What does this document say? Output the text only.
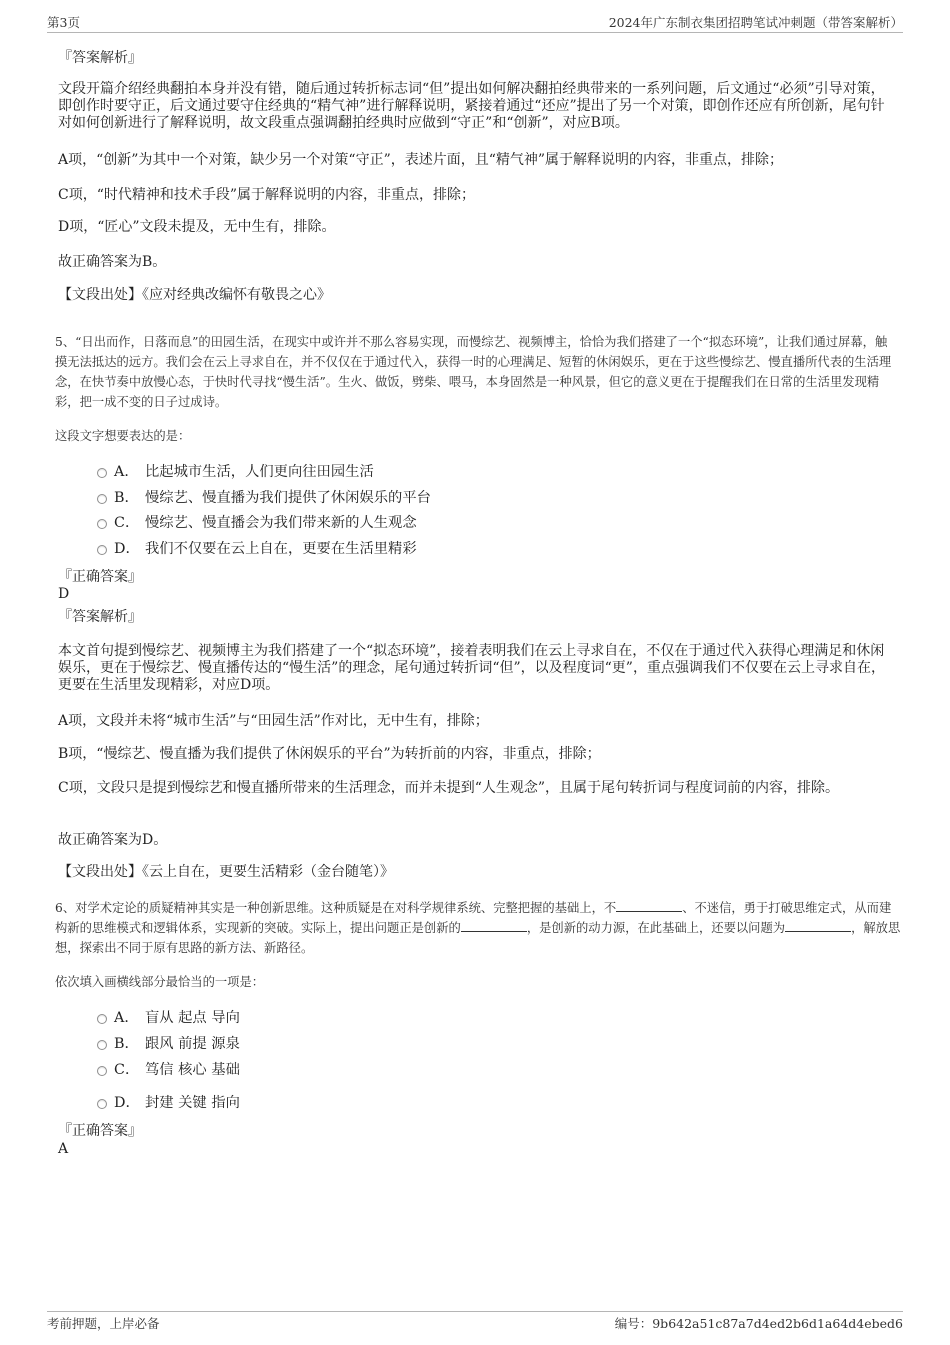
第3页	2024年广东制衣集团招聘笔试冲刺题（带答案解析）
『答案解析』
文段开篇介绍经典翻拍本身并没有错，随后通过转折标志词“但”提出如何解决翻拍经典带来的一系列问题，后文通过“必须”引导对策，即创作时要守正，后文通过要守住经典的“精气神”进行解释说明，紧接着通过“还应”提出了另一个对策，即创作还应有所创新，尾句针对如何创新进行了解释说明，故文段重点强调翻拍经典时应做到“守正”和“创新”，对应B项。
A项，“创新”为其中一个对策，缺少另一个对策“守正”，表述片面，且“精气神”属于解释说明的内容，非重点，排除；
C项，“时代精神和技术手段”属于解释说明的内容，非重点，排除；
D项，“匠心”文段未提及，无中生有，排除。
故正确答案为B。
【文段出处】《应对经典改编怀有敬畏之心》
5、“日出而作，日落而息”的田园生活，在现实中或许并不那么容易实现，而慢综艺、视频博主，恰恰为我们搭建了一个“拟态环境”，让我们通过屏幕，触摸无法抵达的远方。我们会在云上寻求自在，并不仅仅在于通过代入，获得一时的心理满足、短暂的休闲娱乐，更在于这些慢综艺、慢直播所代表的生活理念，在快节奏中放慢心态，于快时代寻找“慢生活”。生火、做饭，劈柴、喂马，本身固然是一种风景，但它的意义更在于提醒我们在日常的生活里发现精彩，把一成不变的日子过成诗。
这段文字想要表达的是：
A． 比起城市生活，人们更向往田园生活
B． 慢综艺、慢直播为我们提供了休闲娱乐的平台
C． 慢综艺、慢直播会为我们带来新的人生观念
D． 我们不仅要在云上自在，更要在生活里精彩
『正确答案』
D
『答案解析』
本文首句提到慢综艺、视频博主为我们搭建了一个“拟态环境”，接着表明我们在云上寻求自在，不仅在于通过代入获得心理满足和休闲娱乐，更在于慢综艺、慢直播传达的“慢生活”的理念，尾句通过转折词“但”，以及程度词“更”，重点强调我们不仅要在云上寻求自在，更要在生活里发现精彩，对应D项。
A项，文段并未将“城市生活”与“田园生活”作对比，无中生有，排除；
B项，“慢综艺、慢直播为我们提供了休闲娱乐的平台”为转折前的内容，非重点，排除；
C项，文段只是提到慢综艺和慢直播所带来的生活理念，而并未提到“人生观念”，且属于尾句转折词与程度词前的内容，排除。
故正确答案为D。
【文段出处】《云上自在，更要生活精彩（金台随笔）》
6、对学术定论的质疑精神其实是一种创新思维。这种质疑是在对科学规律系统、完整把握的基础上，不	、不迷信，勇于打破思维定式，从而建构新的思维模式和逻辑体系，实现新的突破。实际上，提出问题正是创新的	，是创新的动力源，在此基础上，还要以问题为	，解放思想，探索出不同于原有思路的新方法、新路径。
依次填入画横线部分最恰当的一项是：
A． 盲从 起点 导向
B． 跟风 前提 源泉
C． 笃信 核心 基础
D． 封建 关键 指向
『正确答案』
A
考前押题，上岸必备	编号：9b642a51c87a7d4ed2b6d1a64d4ebed6
